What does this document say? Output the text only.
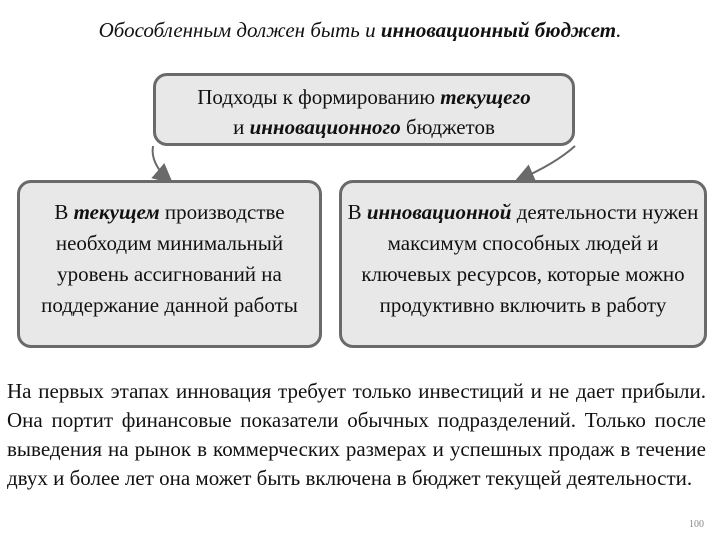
Обособленным должен быть и инновационный бюджет.
Подходы к формированию текущего
и инновационного бюджетов
В текущем производстве необходим минимальный уровень ассигнований на поддержание данной работы
В инновационной деятельности нужен максимум способных людей и ключевых ресурсов, которые можно продуктивно включить в работу
На первых этапах инновация требует только инвестиций и не дает прибыли. Она портит финансовые показатели обычных подразделений. Только после выведения на рынок в коммерческих размерах и успешных продаж в течение двух и более лет она может быть включена в бюджет текущей деятельности.
100
